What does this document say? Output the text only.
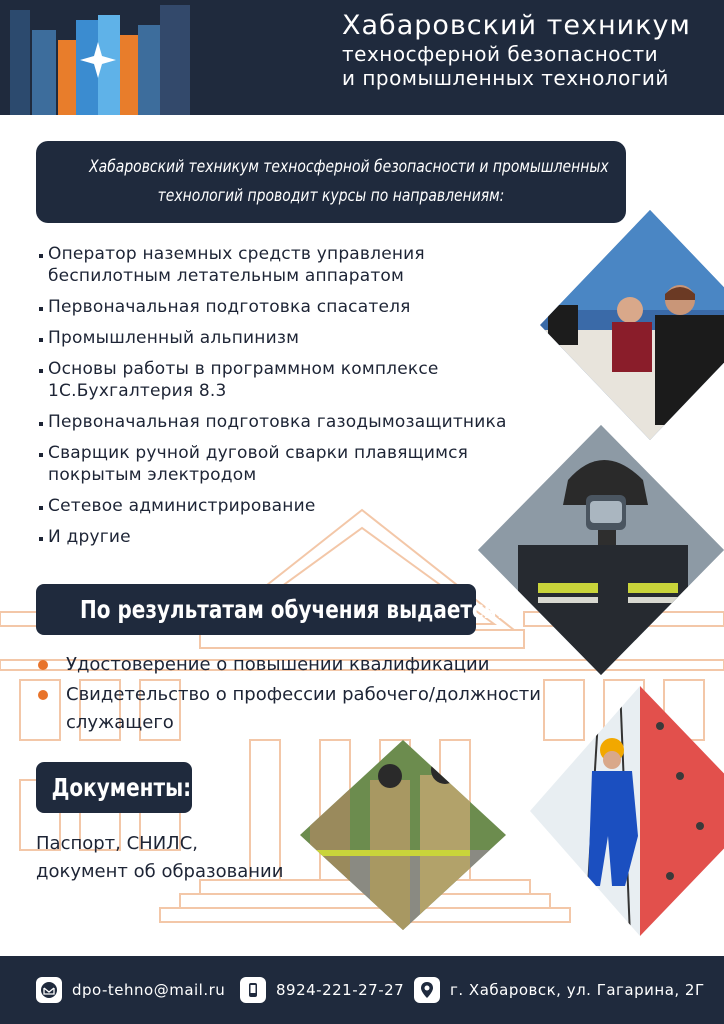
Хабаровский техникум
техносферной безопасности
и промышленных технологий
Хабаровский техникум техносферной безопасности и промышленных
технологий проводит курсы по направлениям:
Оператор наземных средств управления беспилотным летательным аппаратом
Первоначальная подготовка спасателя
Промышленный альпинизм
Основы работы в программном комплексе 1С.Бухгалтерия 8.3
Первоначальная подготовка газодымозащитника
Сварщик ручной дуговой сварки плавящимся покрытым электродом
Сетевое администрирование
И другие
По результатам обучения выдается:
Удостоверение о повышении квалификации
Свидетельство о профессии рабочего/должности служащего
Документы:
Паспорт, СНИЛС,
документ об образовании
dpo-tehno@mail.ru	8924-221-27-27	г. Хабаровск, ул. Гагарина, 2Г
